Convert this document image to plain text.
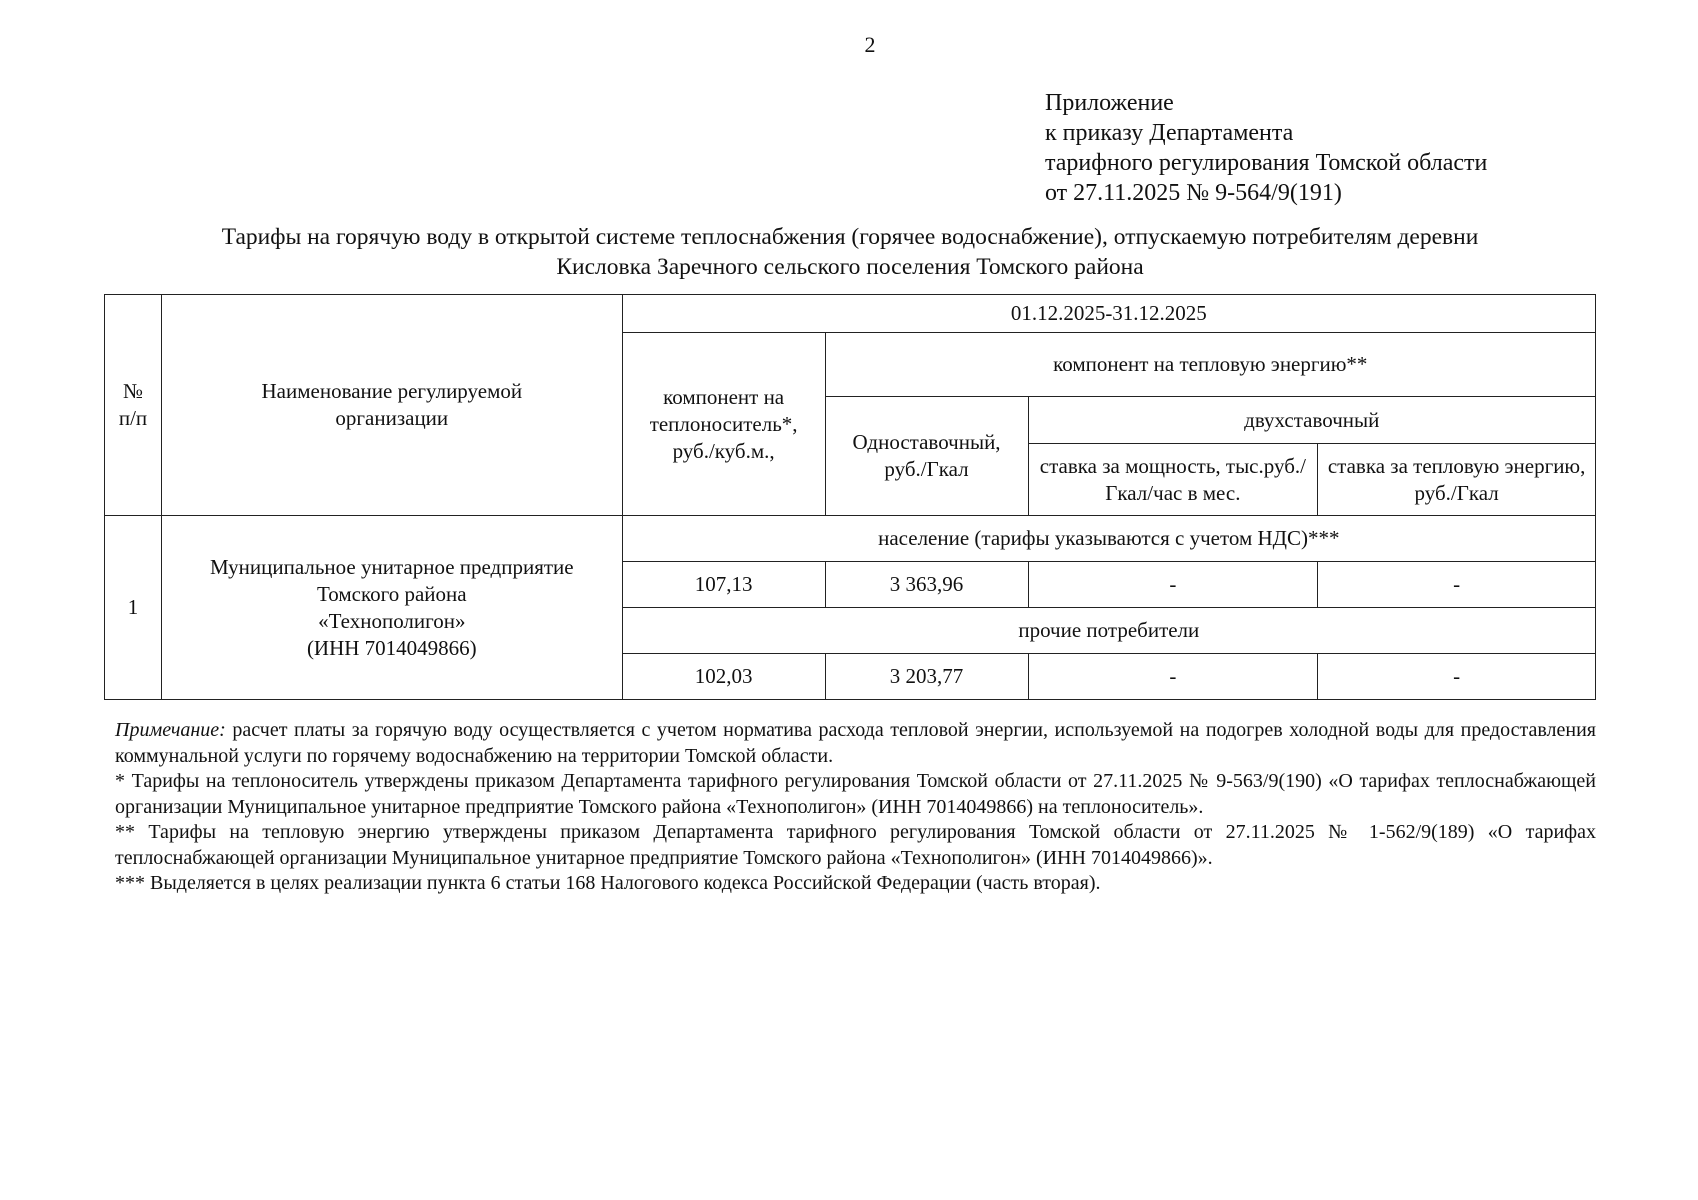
2
Приложение
к приказу Департамента
тарифного регулирования Томской области
от 27.11.2025 № 9-564/9(191)
Тарифы на горячую воду в открытой системе теплоснабжения (горячее водоснабжение), отпускаемую потребителям деревни
Кисловка Заречного сельского поселения Томского района
№ п/п	Наименование регулируемой организации	01.12.2025-31.12.2025			
		компонент на теплоноситель*, руб./куб.м.,	компонент на тепловую энергию**		
			Одноставочный, руб./Гкал	двухставочный	
				ставка за мощность, тыс.руб./ Гкал/час в мес.	ставка за тепловую энергию, руб./Гкал
1	Муниципальное унитарное предприятие
Томского района
«Технополигон»
(ИНН 7014049866)	население (тарифы указываются с учетом НДС)***			
		107,13	3 363,96	-	-
		прочие потребители			
		102,03	3 203,77	-	-

Примечание: расчет платы за горячую воду осуществляется с учетом норматива расхода тепловой энергии, используемой на подогрев холодной воды для предоставления коммунальной услуги по горячему водоснабжению на территории Томской области.

* Тарифы на теплоноситель утверждены приказом Департамента тарифного регулирования Томской области от 27.11.2025 № 9-563/9(190) «О тарифах теплоснабжающей организации Муниципальное унитарное предприятие Томского района «Технополигон» (ИНН 7014049866) на теплоноситель».

** Тарифы на тепловую энергию утверждены приказом Департамента тарифного регулирования Томской области от 27.11.2025 № 1-562/9(189) «О тарифах теплоснабжающей организации Муниципальное унитарное предприятие Томского района «Технополигон» (ИНН 7014049866)».

*** Выделяется в целях реализации пункта 6 статьи 168 Налогового кодекса Российской Федерации (часть вторая).
